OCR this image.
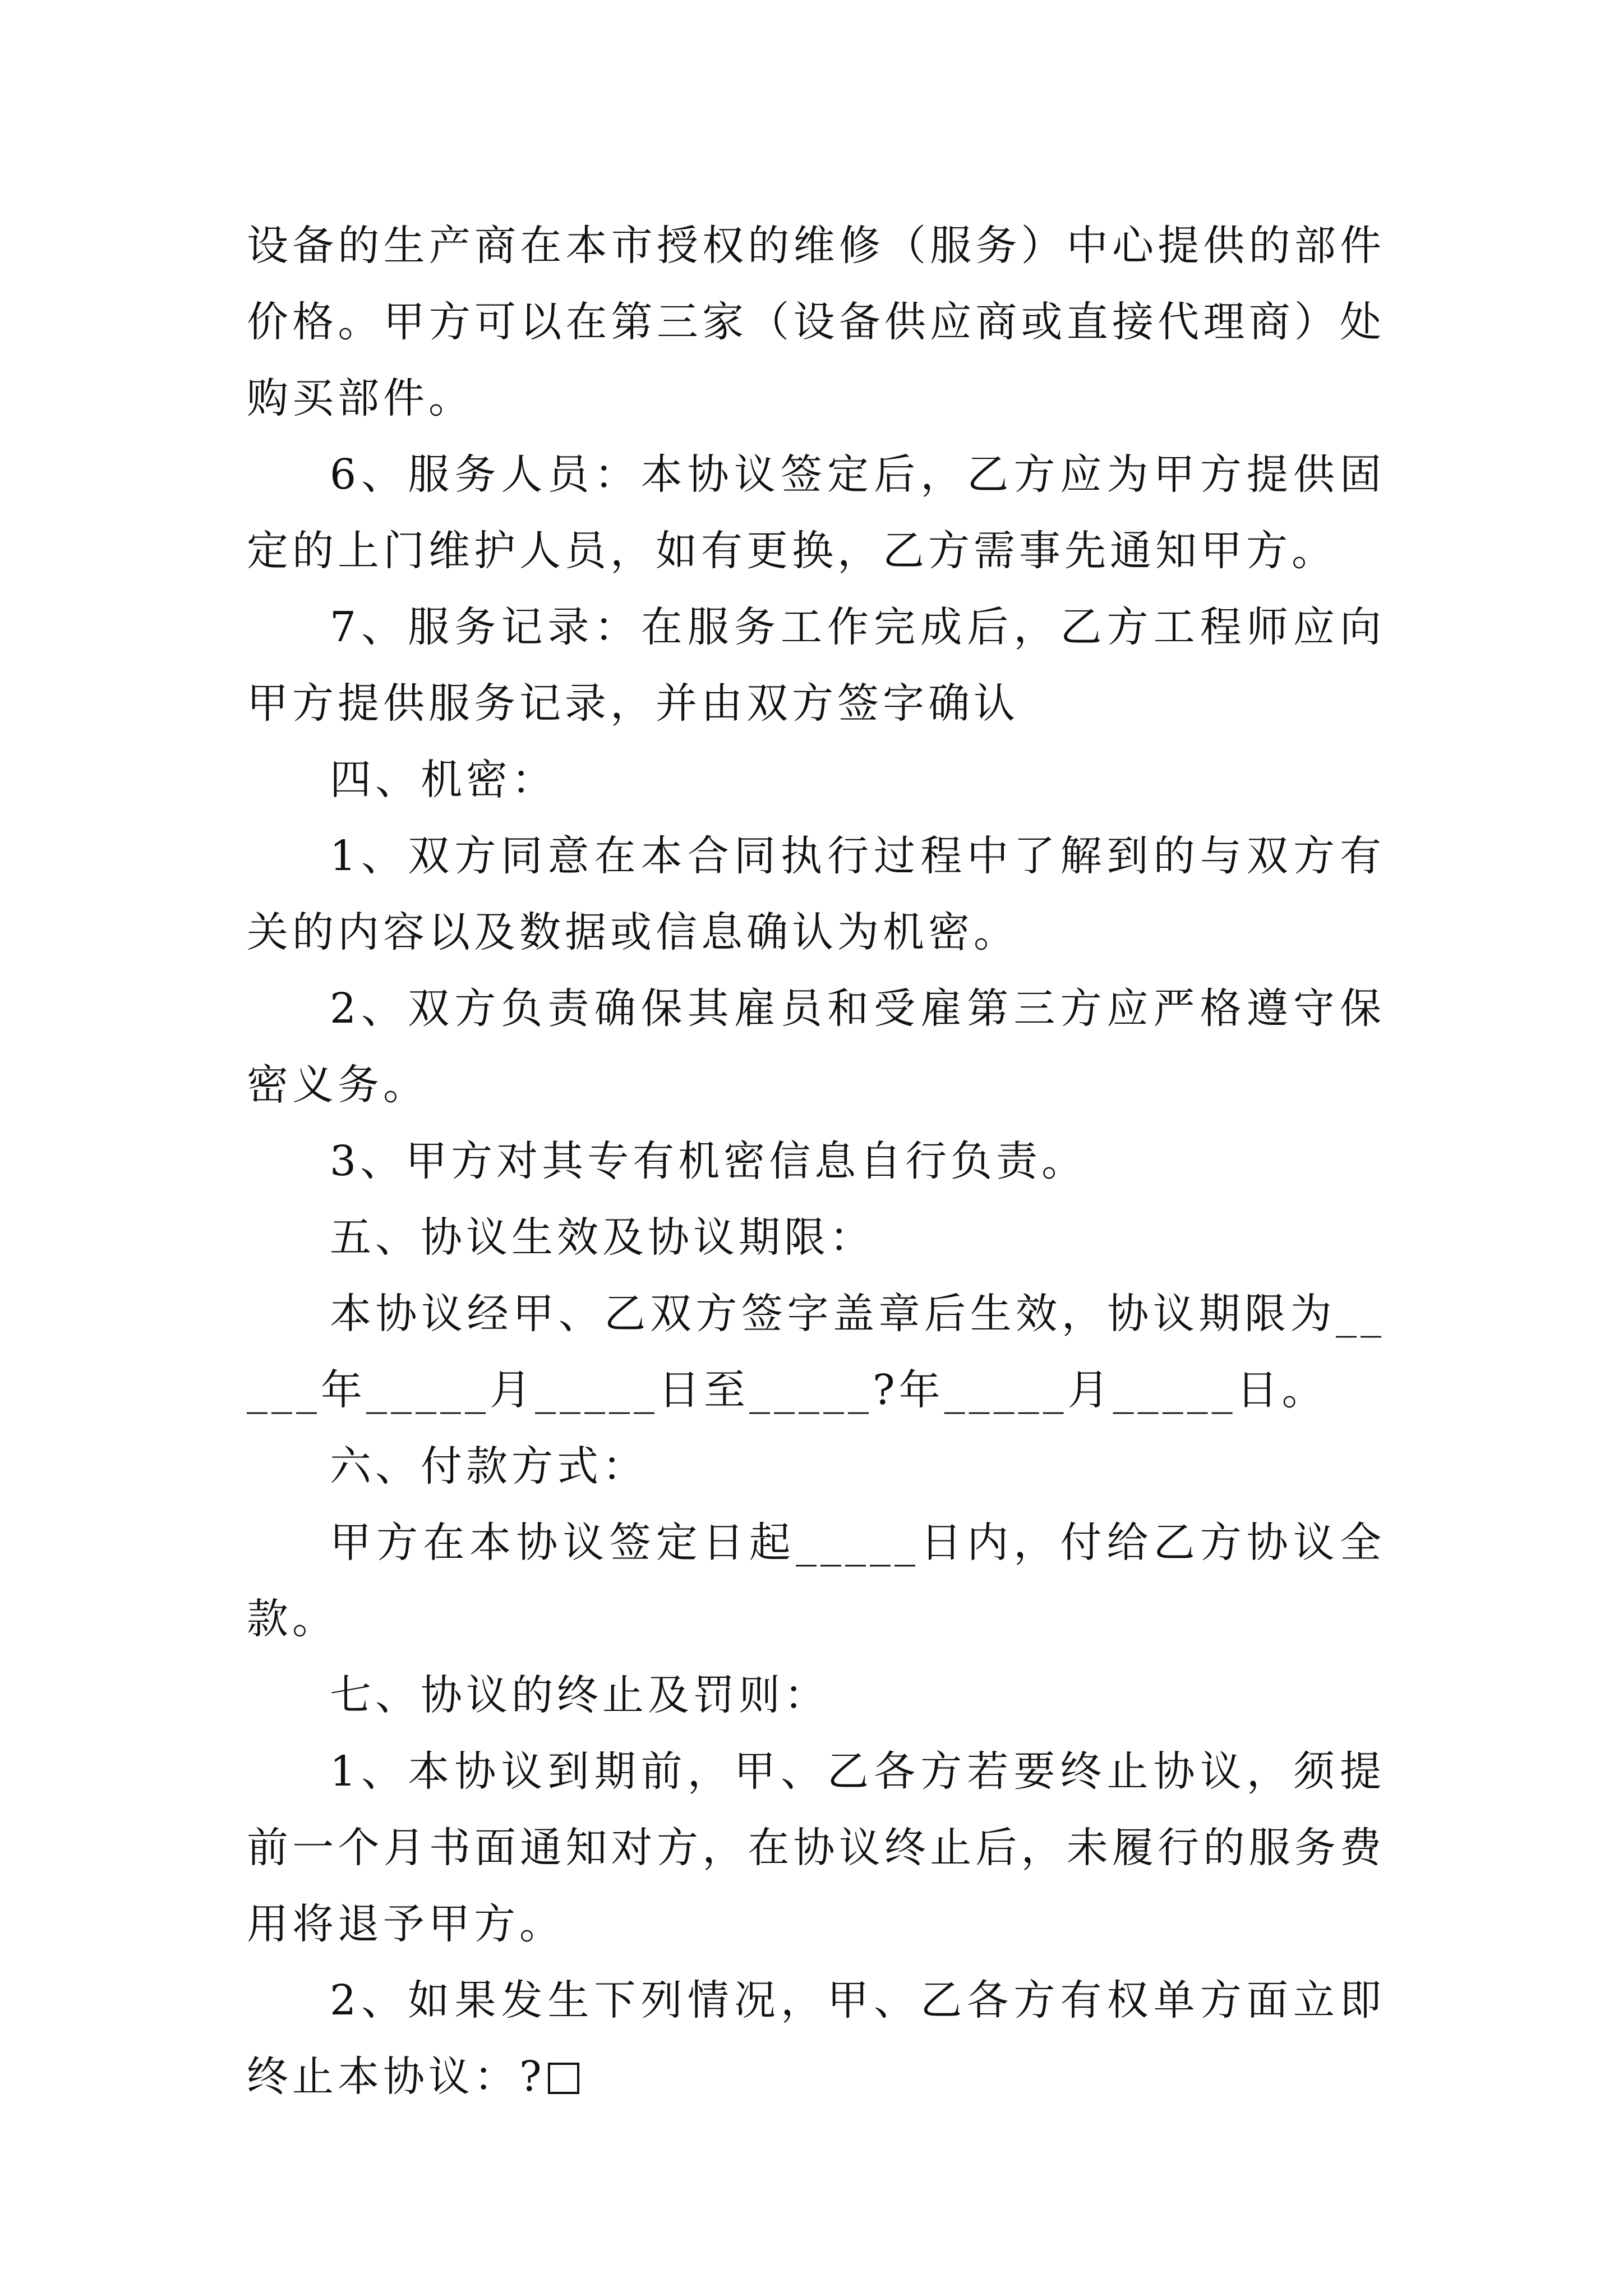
设备的生产商在本市授权的维修（服务）中心提供的部件价格。甲方可以在第三家（设备供应商或直接代理商）处购买部件。

6、服务人员：本协议签定后，乙方应为甲方提供固定的上门维护人员，如有更换，乙方需事先通知甲方。

7、服务记录：在服务工作完成后，乙方工程师应向甲方提供服务记录，并由双方签字确认

四、机密：

1、双方同意在本合同执行过程中了解到的与双方有关的内容以及数据或信息确认为机密。

2、双方负责确保其雇员和受雇第三方应严格遵守保密义务。

3、甲方对其专有机密信息自行负责。

五、协议生效及协议期限：

本协议经甲、乙双方签字盖章后生效，协议期限为_____年_____月_____日至_____?年_____月_____日。

六、付款方式：

甲方在本协议签定日起_____日内，付给乙方协议全款。

七、协议的终止及罚则：

1、本协议到期前，甲、乙各方若要终止协议，须提前一个月书面通知对方，在协议终止后，未履行的服务费用将退予甲方。

2、如果发生下列情况，甲、乙各方有权单方面立即终止本协议：?
